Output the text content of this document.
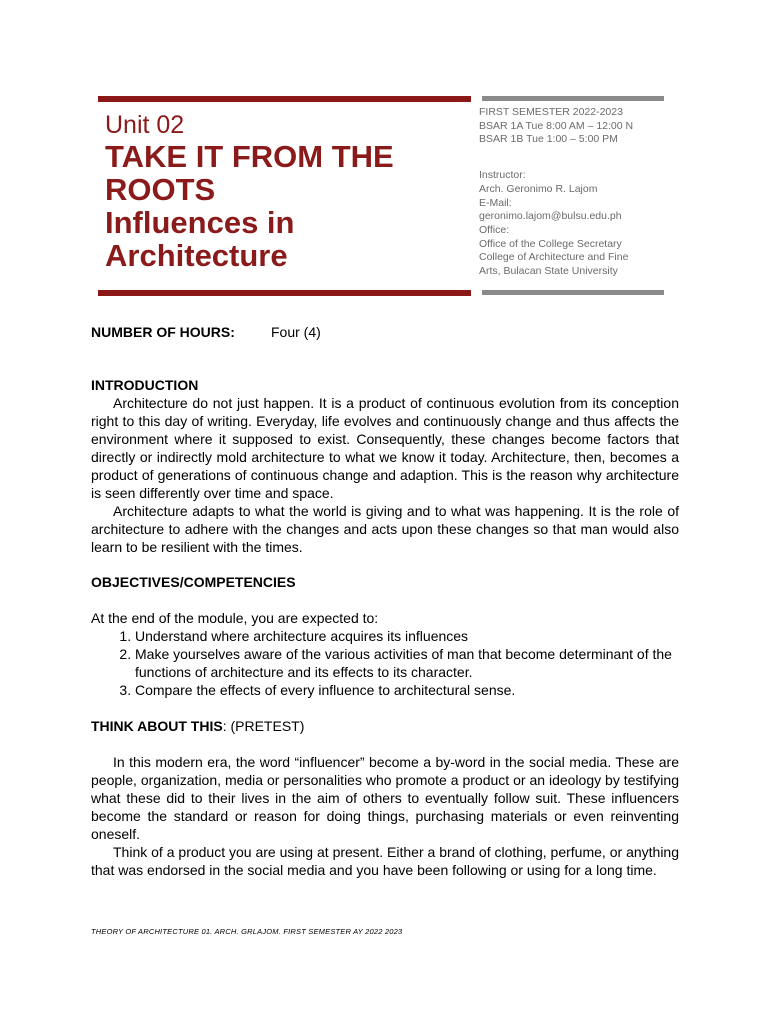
Unit 02
TAKE IT FROM THE
ROOTS
Influences in
Architecture
FIRST SEMESTER 2022-2023
BSAR 1A Tue 8:00 AM – 12:00 N
BSAR 1B Tue 1:00 – 5:00 PM
Instructor:
Arch. Geronimo R. Lajom
E-Mail:
geronimo.lajom@bulsu.edu.ph
Office:
Office of the College Secretary
College of Architecture and Fine
Arts, Bulacan State University
NUMBER OF HOURS:	Four (4)
INTRODUCTION

Architecture do not just happen. It is a product of continuous evolution from its conception right to this day of writing. Everyday, life evolves and continuously change and thus affects the environment where it supposed to exist. Consequently, these changes become factors that directly or indirectly mold architecture to what we know it today. Architecture, then, becomes a product of generations of continuous change and adaption. This is the reason why architecture is seen differently over time and space.

Architecture adapts to what the world is giving and to what was happening. It is the role of architecture to adhere with the changes and acts upon these changes so that man would also learn to be resilient with the times.

OBJECTIVES/COMPETENCIES

At the end of the module, you are expected to:

1. Understand where architecture acquires its influences
2. Make yourselves aware of the various activities of man that become determinant of the functions of architecture and its effects to its character.
3. Compare the effects of every influence to architectural sense.
THINK ABOUT THIS: (PRETEST)

In this modern era, the word “influencer” become a by-word in the social media. These are people, organization, media or personalities who promote a product or an ideology by testifying what these did to their lives in the aim of others to eventually follow suit. These influencers become the standard or reason for doing things, purchasing materials or even reinventing oneself.

Think of a product you are using at present. Either a brand of clothing, perfume, or anything that was endorsed in the social media and you have been following or using for a long time.

THEORY OF ARCHITECTURE 01. ARCH. GRLAJOM. FIRST SEMESTER AY 2022 2023
